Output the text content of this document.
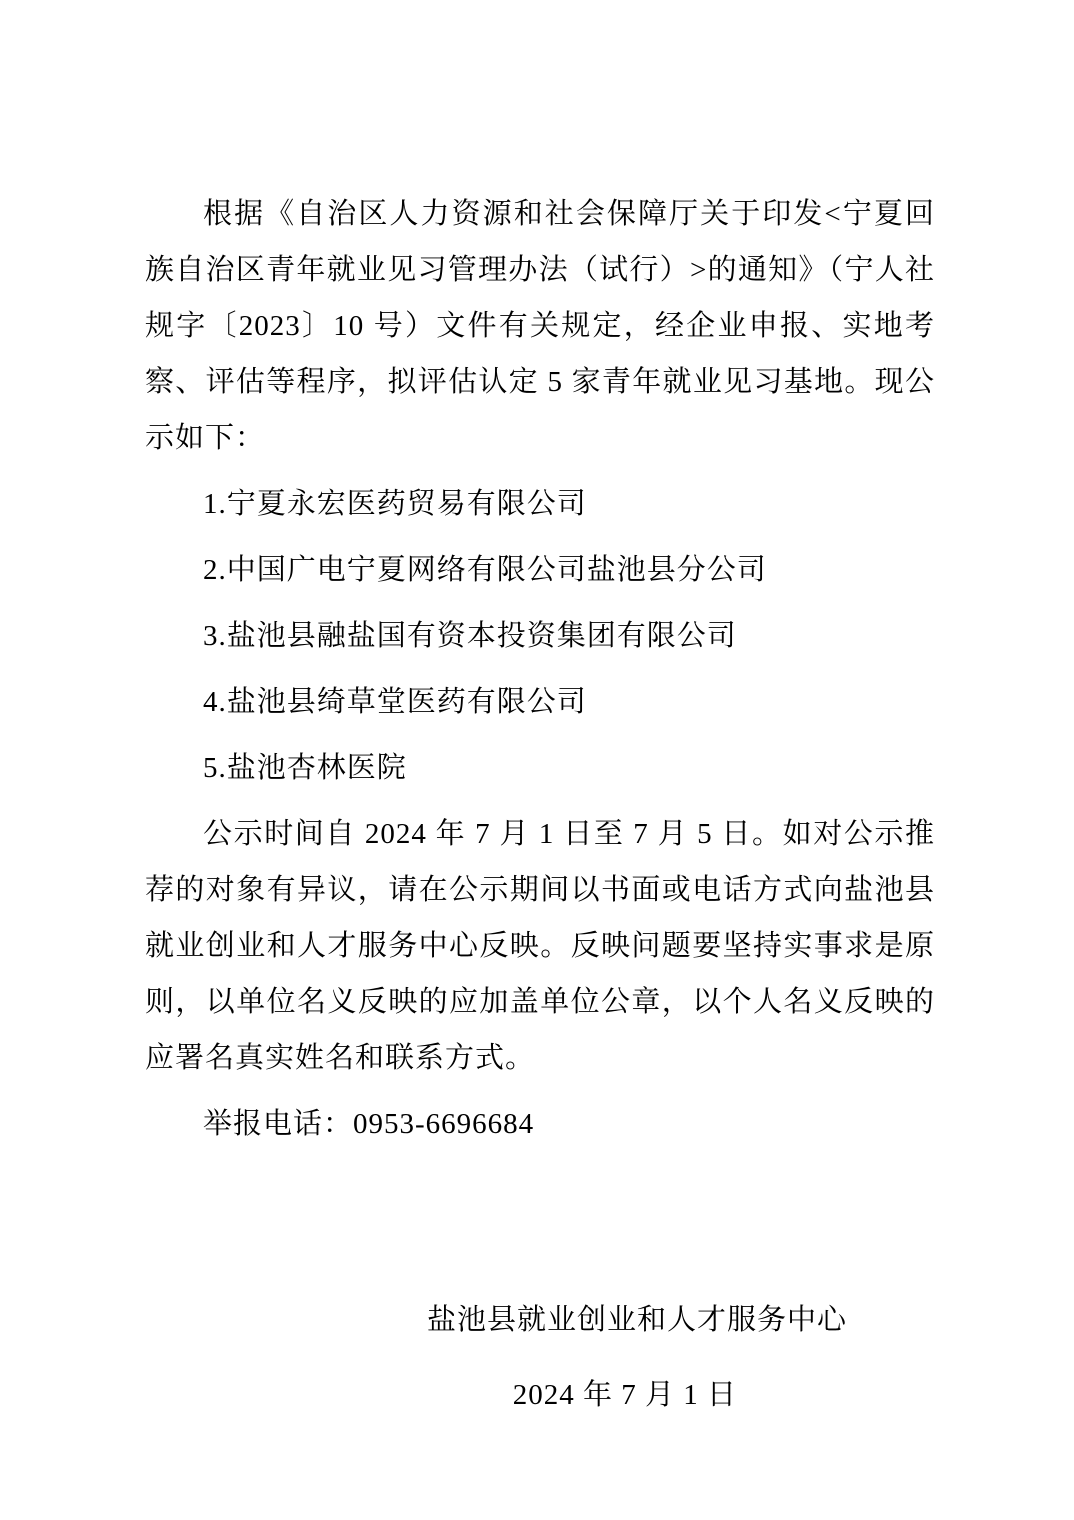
根据《自治区人力资源和社会保障厅关于印发<宁夏回族自治区青年就业见习管理办法（试行）>的通知》（宁人社规字〔2023〕10 号）文件有关规定，经企业申报、实地考察、评估等程序，拟评估认定 5 家青年就业见习基地。现公示如下：

1.宁夏永宏医药贸易有限公司

2.中国广电宁夏网络有限公司盐池县分公司

3.盐池县融盐国有资本投资集团有限公司

4.盐池县绮草堂医药有限公司

5.盐池杏林医院

公示时间自 2024 年 7 月 1 日至 7 月 5 日。如对公示推荐的对象有异议，请在公示期间以书面或电话方式向盐池县就业创业和人才服务中心反映。反映问题要坚持实事求是原则，以单位名义反映的应加盖单位公章，以个人名义反映的应署名真实姓名和联系方式。

举报电话：0953-6696684

盐池县就业创业和人才服务中心

2024 年 7 月 1 日
